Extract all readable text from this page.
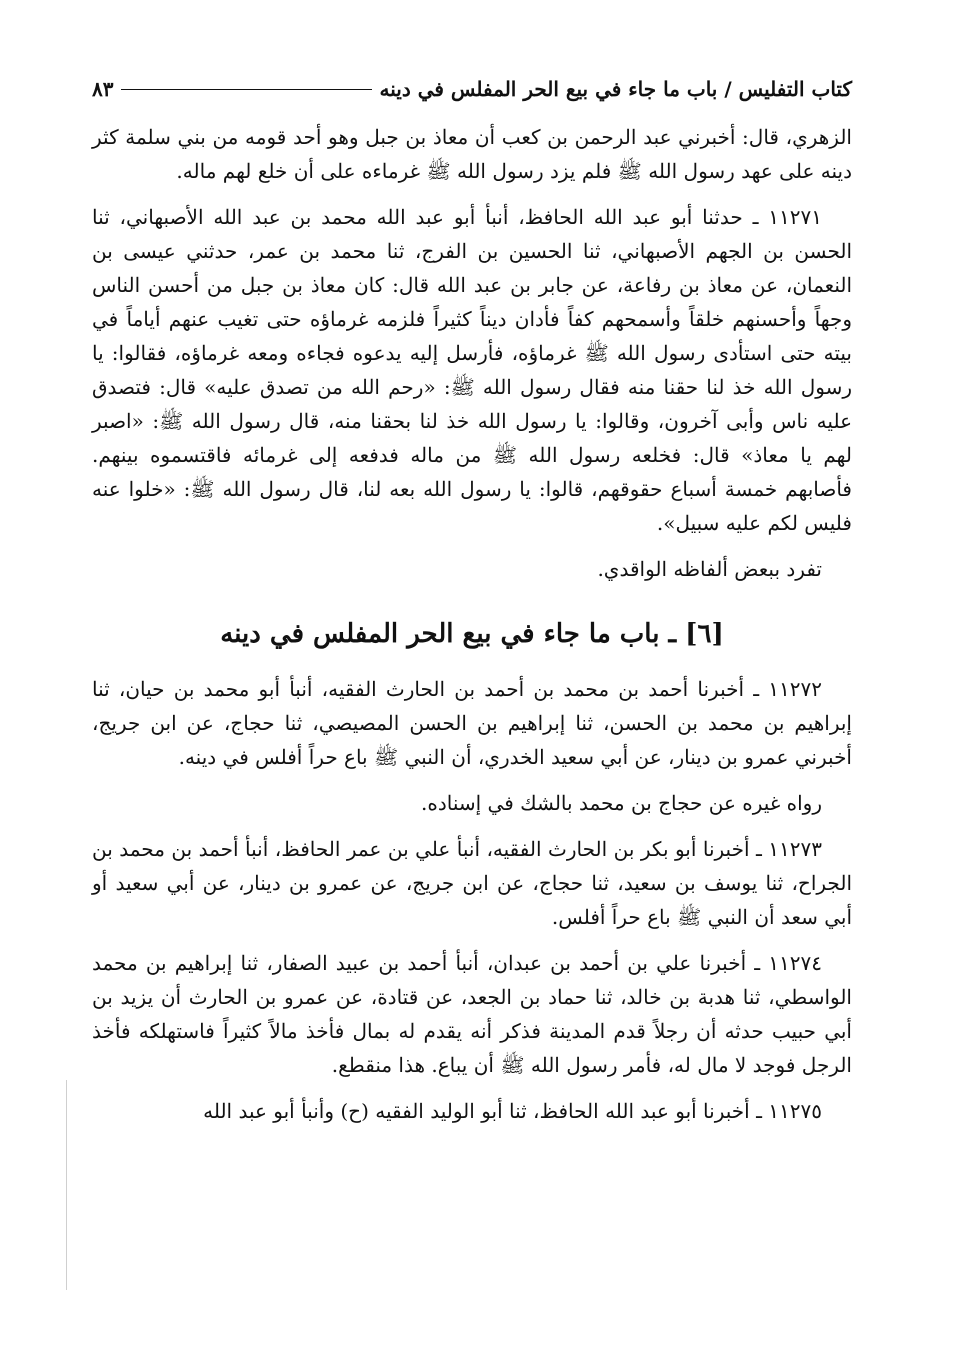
كتاب التفليس / باب ما جاء في بيع الحر المفلس في دينه
٨٣

الزهري، قال: أخبرني عبد الرحمن بن كعب أن معاذ بن جبل وهو أحد قومه من بني سلمة كثر دينه على عهد رسول الله ﷺ فلم يزد رسول الله ﷺ غرماءه على أن خلع لهم ماله.

١١٢٧١ ـ حدثنا أبو عبد الله الحافظ، أنبأ أبو عبد الله محمد بن عبد الله الأصبهاني، ثنا الحسن بن الجهم الأصبهاني، ثنا الحسين بن الفرج، ثنا محمد بن عمر، حدثني عيسى بن النعمان، عن معاذ بن رفاعة، عن جابر بن عبد الله قال: كان معاذ بن جبل من أحسن الناس وجهاً وأحسنهم خلقاً وأسمحهم كفاً فأدان ديناً كثيراً فلزمه غرماؤه حتى تغيب عنهم أياماً في بيته حتى استأدى رسول الله ﷺ غرماؤه، فأرسل إليه يدعوه فجاءه ومعه غرماؤه، فقالوا: يا رسول الله خذ لنا حقنا منه فقال رسول الله ﷺ: «رحم الله من تصدق عليه» قال: فتصدق عليه ناس وأبى آخرون، وقالوا: يا رسول الله خذ لنا بحقنا منه، قال رسول الله ﷺ: «اصبر لهم يا معاذ» قال: فخلعه رسول الله ﷺ من ماله فدفعه إلى غرمائه فاقتسموه بينهم. فأصابهم خمسة أسباع حقوقهم، قالوا: يا رسول الله بعه لنا، قال رسول الله ﷺ: «خلوا عنه فليس لكم عليه سبيل».

تفرد ببعض ألفاظه الواقدي.

[٦] ـ باب ما جاء في بيع الحر المفلس في دينه

١١٢٧٢ ـ أخبرنا أحمد بن محمد بن أحمد بن الحارث الفقيه، أنبأ أبو محمد بن حيان، ثنا إبراهيم بن محمد بن الحسن، ثنا إبراهيم بن الحسن المصيصي، ثنا حجاج، عن ابن جريج، أخبرني عمرو بن دينار، عن أبي سعيد الخدري، أن النبي ﷺ باع حراً أفلس في دينه.

رواه غيره عن حجاج بن محمد بالشك في إسناده.

١١٢٧٣ ـ أخبرنا أبو بكر بن الحارث الفقيه، أنبأ علي بن عمر الحافظ، أنبأ أحمد بن محمد بن الجراح، ثنا يوسف بن سعيد، ثنا حجاج، عن ابن جريج، عن عمرو بن دينار، عن أبي سعيد أو أبي سعد أن النبي ﷺ باع حراً أفلس.

١١٢٧٤ ـ أخبرنا علي بن أحمد بن عبدان، أنبأ أحمد بن عبيد الصفار، ثنا إبراهيم بن محمد الواسطي، ثنا هدبة بن خالد، ثنا حماد بن الجعد، عن قتادة، عن عمرو بن الحارث أن يزيد بن أبي حبيب حدثه أن رجلاً قدم المدينة فذكر أنه يقدم له بمال فأخذ مالاً كثيراً فاستهلكه فأخذ الرجل فوجد لا مال له، فأمر رسول الله ﷺ أن يباع. هذا منقطع.

١١٢٧٥ ـ أخبرنا أبو عبد الله الحافظ، ثنا أبو الوليد الفقيه (ح) وأنبأ أبو عبد الله
